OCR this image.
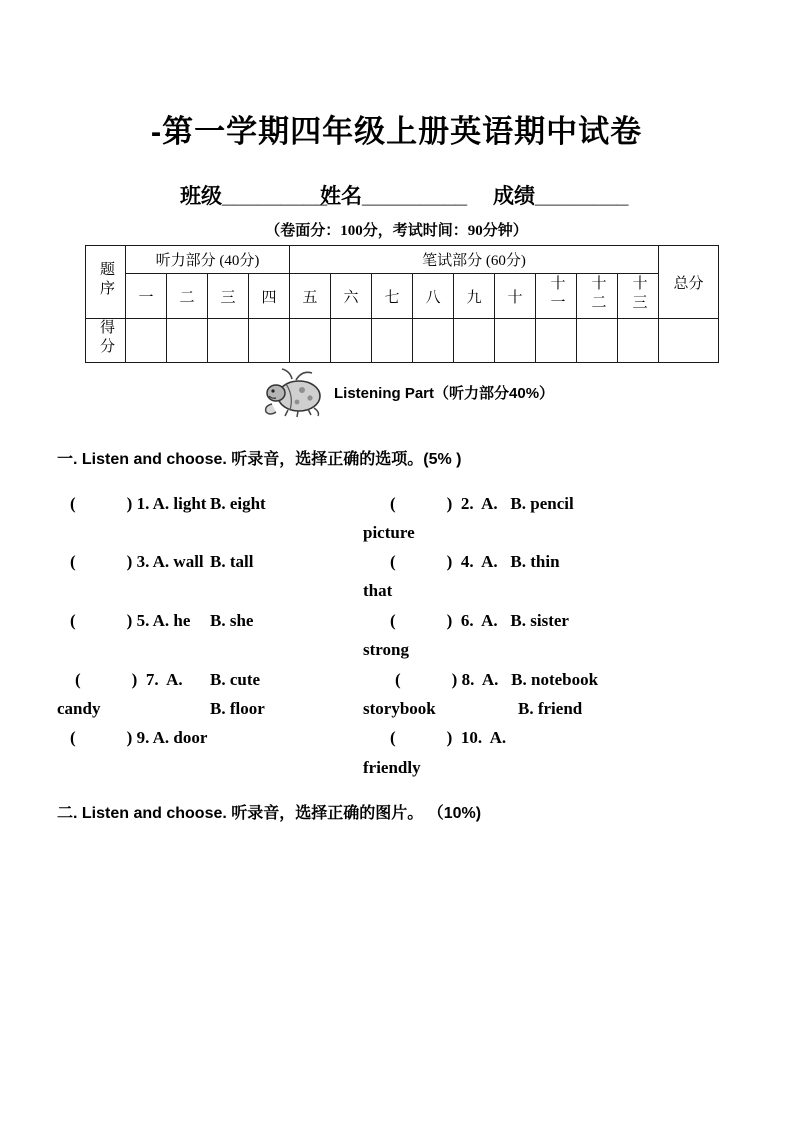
-第一学期四年级上册英语期中试卷
班级_________
姓名_________ 成绩________
（卷面分：100分，考试时间：90分钟）
题序	听力部分 (40分)				笔试部分 (60分)									总分
	一	二	三	四	五	六	七	八	九	十	十一	十二	十三	
得分														
Listening Part（听力部分40%）
一. Listen and choose. 听录音，选择正确的选项。(5% )
(            ) 1. A. light B. eight	(            )  2.  A.   B. pencil
picture
(            ) 3. A. wall B. tall	(            )  4.  A.   B. thin
that
(            ) 5. A. he B. she	(            )  6.  A.   B. sister
strong
(            )  7.  A. B. cute	(            ) 8.  A.   B. notebook
candy	B. floor	storybook	B. friend
(            ) 9. A. door	(            )  10.  A.
friendly
二. Listen and choose. 听录音，选择正确的图片。 （10%)
